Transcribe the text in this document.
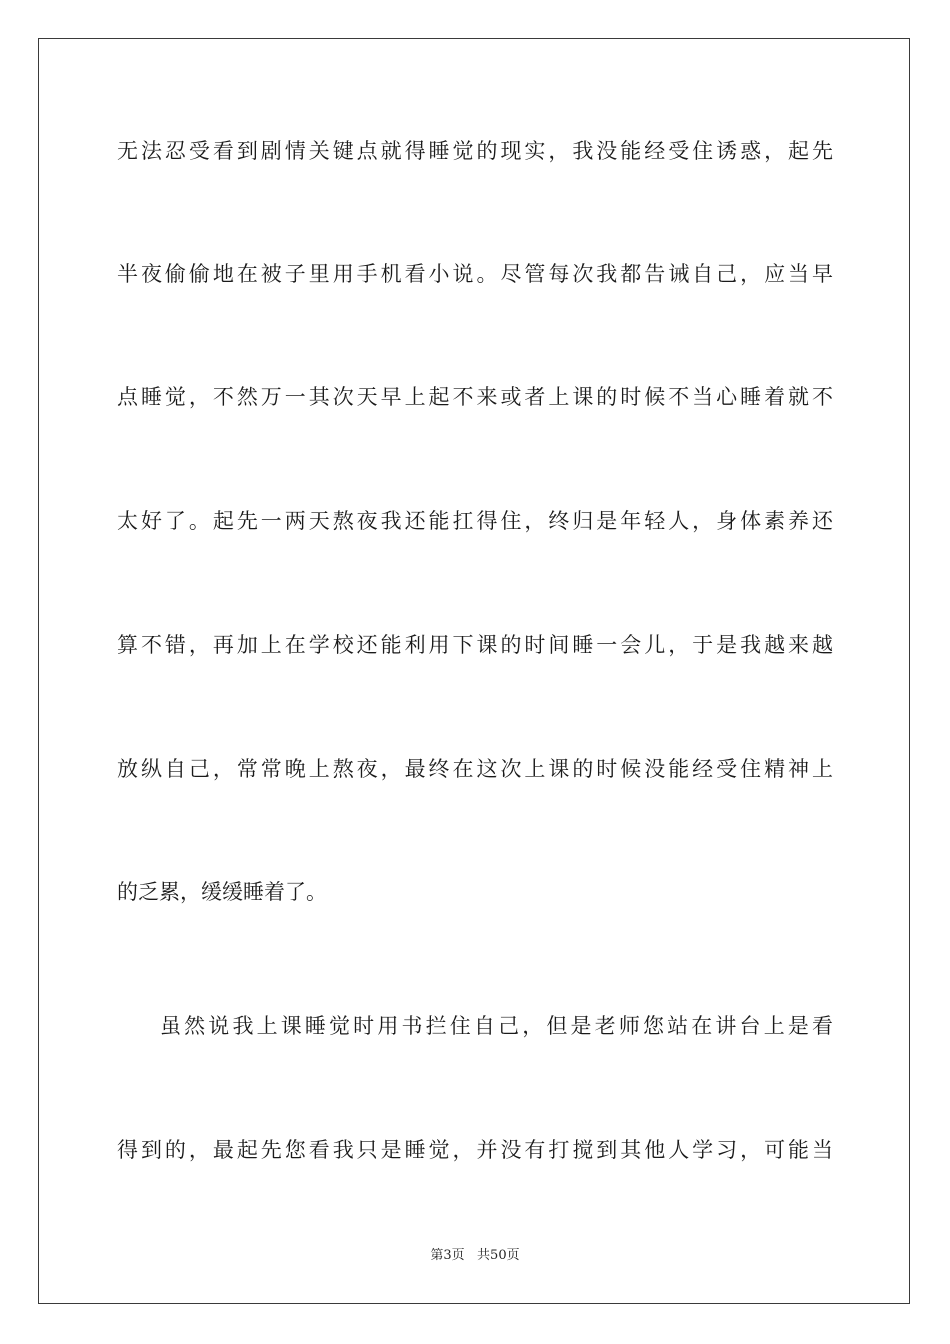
无法忍受看到剧情关键点就得睡觉的现实，我没能经受住诱惑，起先
半夜偷偷地在被子里用手机看小说。尽管每次我都告诫自己，应当早
点睡觉，不然万一其次天早上起不来或者上课的时候不当心睡着就不
太好了。起先一两天熬夜我还能扛得住，终归是年轻人，身体素养还
算不错，再加上在学校还能利用下课的时间睡一会儿，于是我越来越
放纵自己，常常晚上熬夜，最终在这次上课的时候没能经受住精神上
的乏累，缓缓睡着了。
虽然说我上课睡觉时用书拦住自己，但是老师您站在讲台上是看
得到的，最起先您看我只是睡觉，并没有打搅到其他人学习，可能当
第3页   共50页
